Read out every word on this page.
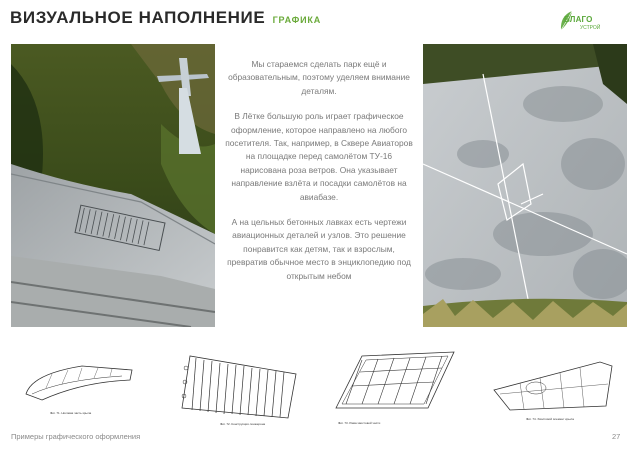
ВИЗУАЛЬНОЕ НАПОЛНЕНИЕ ГРАФИКА	БЛАГО
УСТРОЙ

Мы стараемся сделать парк ещё и образовательным, поэтому уделяем внимание деталям.

В Лётке большую роль играет графическое оформление, которое направлено на любого посетителя. Так, например, в Сквере Авиаторов на площадке перед самолётом ТУ-16 нарисована роза ветров. Она указывает направление взлёта и посадки самолётов на авиабазе.

А на цельных бетонных лавках есть чертежи авиационных деталей и узлов. Это решение понравится как детям, так и взрослым, превратив обычное место в энциклопедию под открытым небом

Фиг. 71. Носовая часть крыла
Фиг. 72. Конструкция лонжерона	Фиг. 73. Рама хвостовой части
Фиг. 74. Хвостовой элемент крыла
Примеры графического оформления	27
